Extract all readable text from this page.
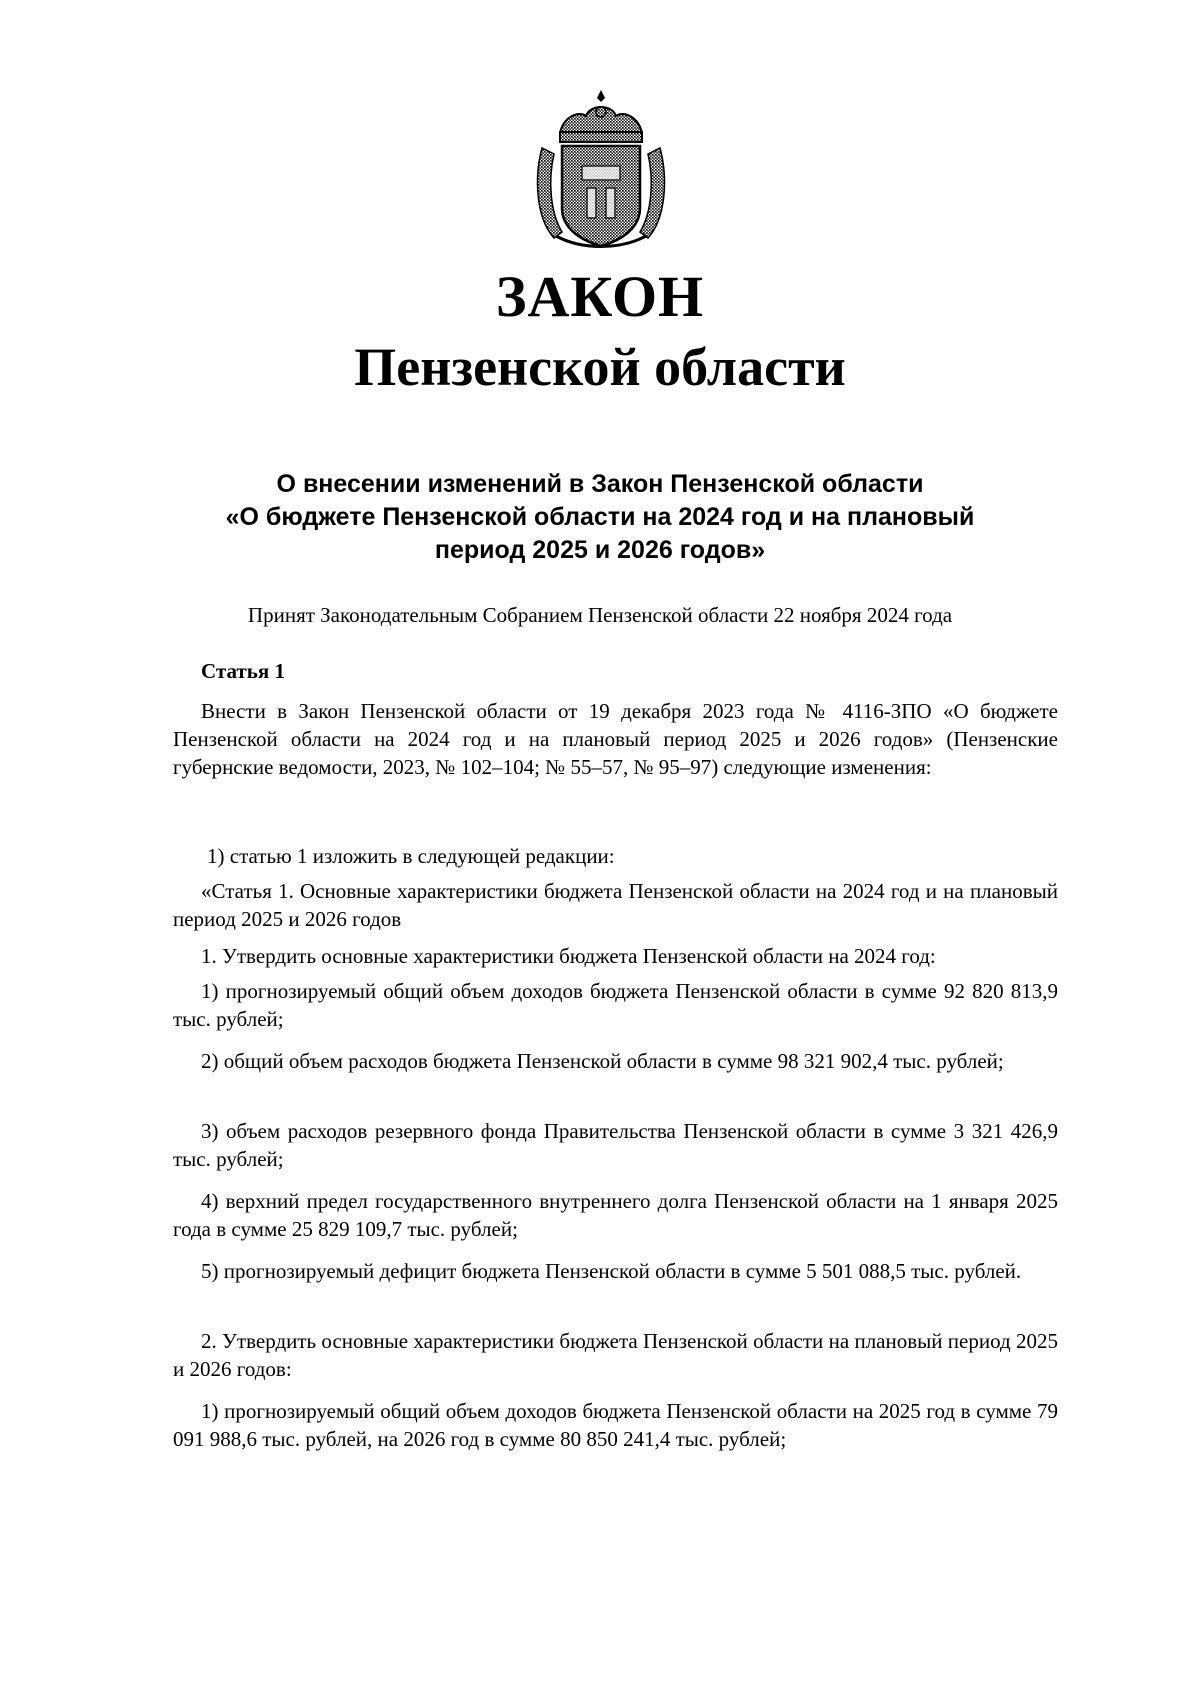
ЗАКОН
Пензенской области
О внесении изменений в Закон Пензенской области
«О бюджете Пензенской области на 2024 год и на плановый
период 2025 и 2026 годов»
Принят Законодательным Собранием Пензенской области 22 ноября 2024 года
Статья 1
Внести в Закон Пензенской области от 19 декабря 2023 года № 4116-ЗПО «О бюджете Пензенской области на 2024 год и на плановый период 2025 и 2026 годов» (Пензенские губернские ведомости, 2023, № 102–104; № 55–57, № 95–97) следующие изменения:
1) статью 1 изложить в следующей редакции:
«Статья 1. Основные характеристики бюджета Пензенской области на 2024 год и на плановый период 2025 и 2026 годов
1. Утвердить основные характеристики бюджета Пензенской области на 2024 год:
1) прогнозируемый общий объем доходов бюджета Пензенской области в сумме 92 820 813,9 тыс. рублей;
2) общий объем расходов бюджета Пензенской области в сумме 98 321 902,4 тыс. рублей;
3) объем расходов резервного фонда Правительства Пензенской области в сумме 3 321 426,9 тыс. рублей;
4) верхний предел государственного внутреннего долга Пензенской области на 1 января 2025 года в сумме 25 829 109,7 тыс. рублей;
5) прогнозируемый дефицит бюджета Пензенской области в сумме 5 501 088,5 тыс. рублей.
2. Утвердить основные характеристики бюджета Пензенской области на плановый период 2025 и 2026 годов:
1) прогнозируемый общий объем доходов бюджета Пензенской области на 2025 год в сумме 79 091 988,6 тыс. рублей, на 2026 год в сумме 80 850 241,4 тыс. рублей;
